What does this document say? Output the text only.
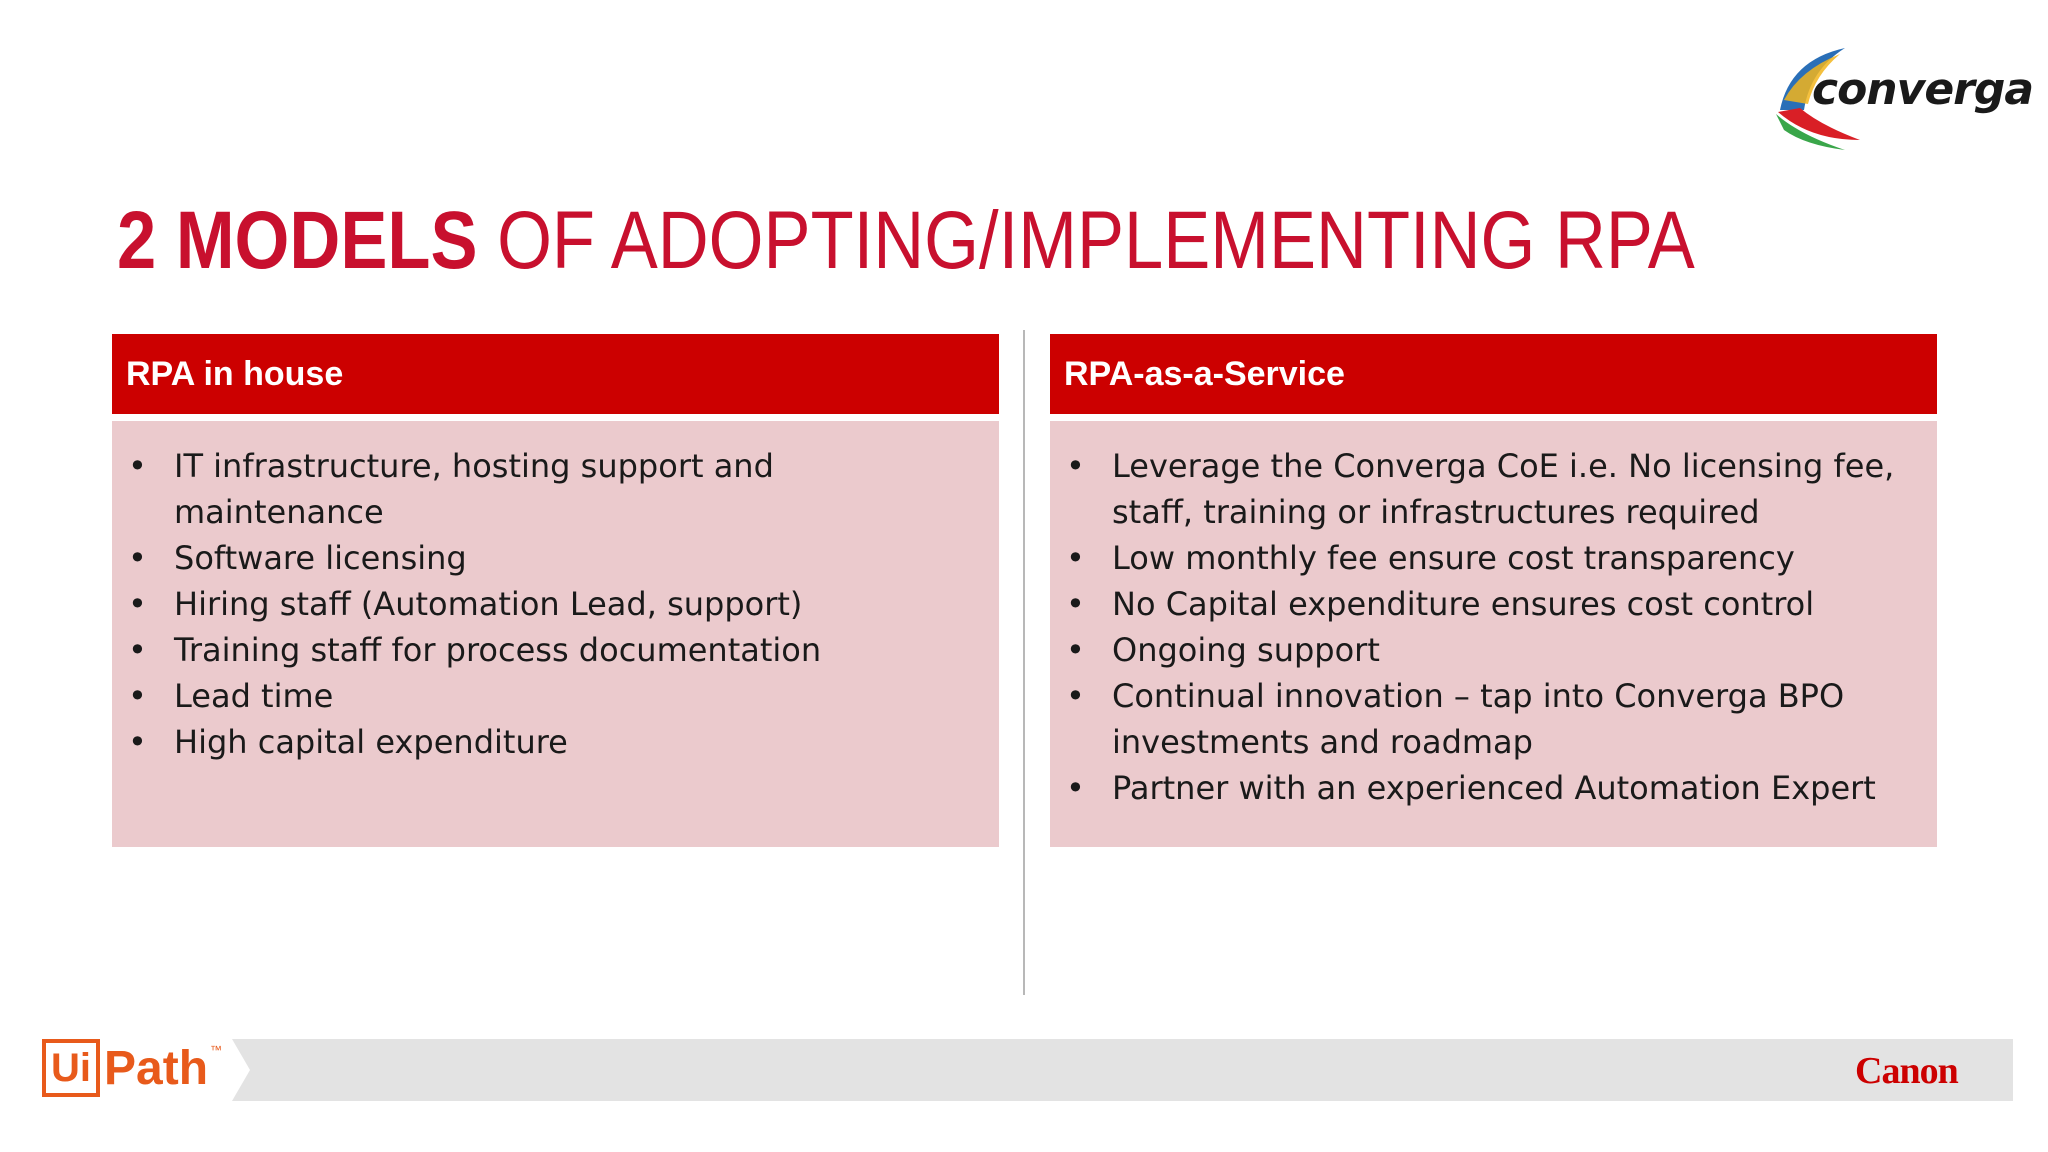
converga
2 MODELS OF ADOPTING/IMPLEMENTING RPA
RPA in house
• IT infrastructure, hosting support and maintenance
• Software licensing
• Hiring staff (Automation Lead, support)
• Training staff for process documentation
• Lead time
• High capital expenditure
RPA-as-a-Service
• Leverage the Converga CoE i.e. No licensing fee, staff, training or infrastructures required
• Low monthly fee ensure cost transparency
• No Capital expenditure ensures cost control
• Ongoing support
• Continual innovation – tap into Converga BPO investments and roadmap
• Partner with an experienced Automation Expert
Ui Path ™	Canon
